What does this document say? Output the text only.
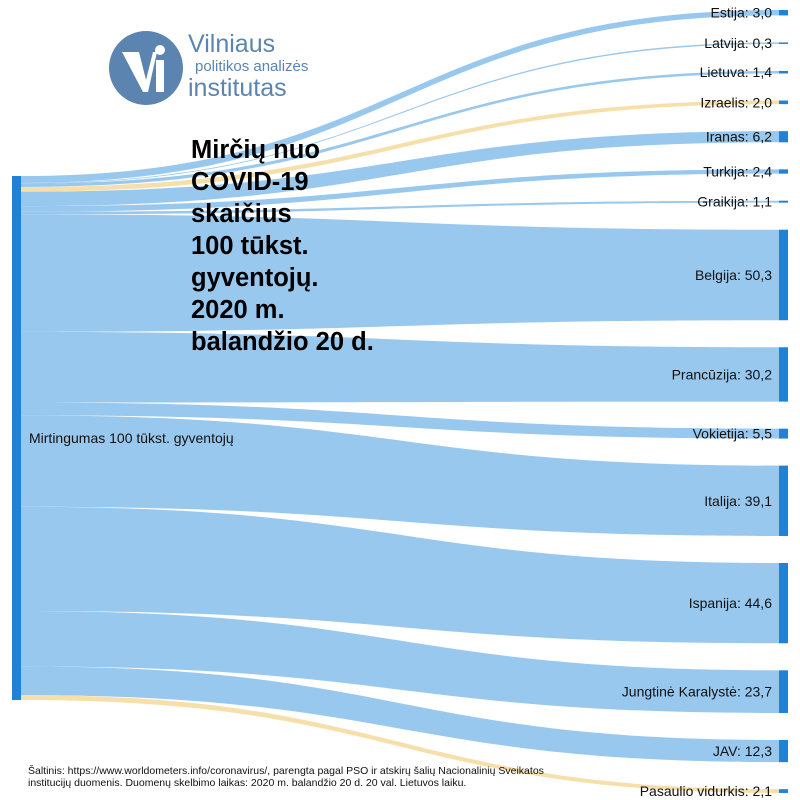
Estija: 3,0
Latvija: 0,3
Lietuva: 1,4
Izraelis: 2,0
Iranas: 6,2
Turkija: 2,4
Graikija: 1,1
Belgija: 50,3
Prancūzija: 30,2
Vokietija: 5,5
Italija: 39,1
Ispanija: 44,6
Jungtinė Karalystė: 23,7
JAV: 12,3
Pasaulio vidurkis: 2,1
Mirtingumas 100 tūkst. gyventojų
Vilniaus
politikos analizės
institutas
Mirčių nuo
COVID-19
skaičius
100 tūkst.
gyventojų.
2020 m.
balandžio 20 d.
Šaltinis: https://www.worldometers.info/coronavirus/, parengta pagal PSO ir atskirų šalių Nacionalinių Sveikatos institucijų duomenis. Duomenų skelbimo laikas: 2020 m. balandžio 20 d. 20 val. Lietuvos laiku.
